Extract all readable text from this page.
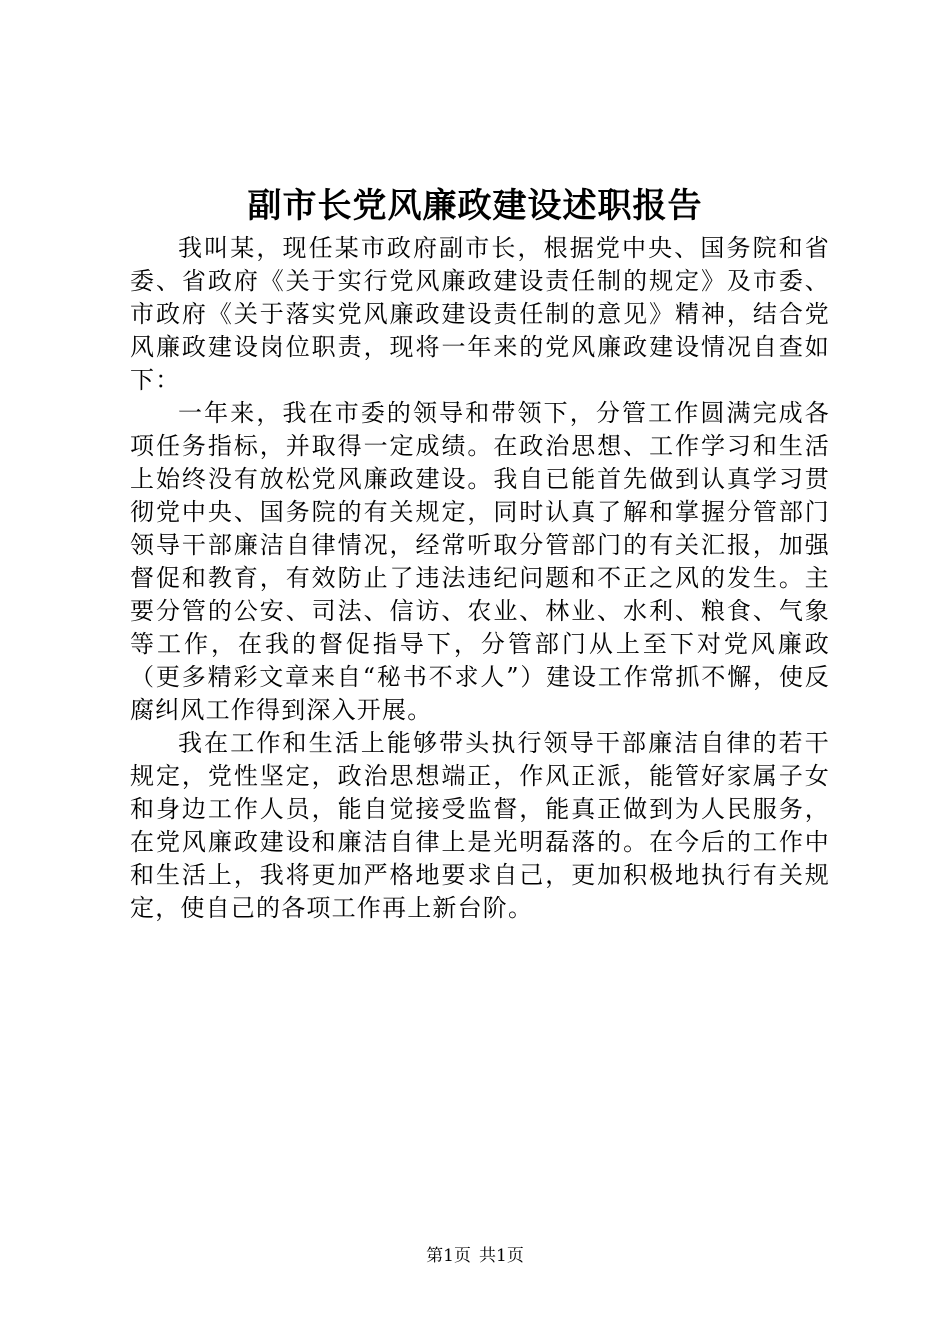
副市长党风廉政建设述职报告

我叫某，现任某市政府副市长，根据党中央、国务院和省委、省政府《关于实行党风廉政建设责任制的规定》及市委、市政府《关于落实党风廉政建设责任制的意见》精神，结合党风廉政建设岗位职责，现将一年来的党风廉政建设情况自查如下：

一年来，我在市委的领导和带领下，分管工作圆满完成各项任务指标，并取得一定成绩。在政治思想、工作学习和生活上始终没有放松党风廉政建设。我自已能首先做到认真学习贯彻党中央、国务院的有关规定，同时认真了解和掌握分管部门领导干部廉洁自律情况，经常听取分管部门的有关汇报，加强督促和教育，有效防止了违法违纪问题和不正之风的发生。主要分管的公安、司法、信访、农业、林业、水利、粮食、气象等工作，在我的督促指导下，分管部门从上至下对党风廉政（更多精彩文章来自“秘书不求人”）建设工作常抓不懈，使反腐纠风工作得到深入开展。

我在工作和生活上能够带头执行领导干部廉洁自律的若干规定，党性坚定，政治思想端正，作风正派，能管好家属子女和身边工作人员，能自觉接受监督，能真正做到为人民服务，在党风廉政建设和廉洁自律上是光明磊落的。在今后的工作中和生活上，我将更加严格地要求自己，更加积极地执行有关规定，使自己的各项工作再上新台阶。

第1页 共1页
